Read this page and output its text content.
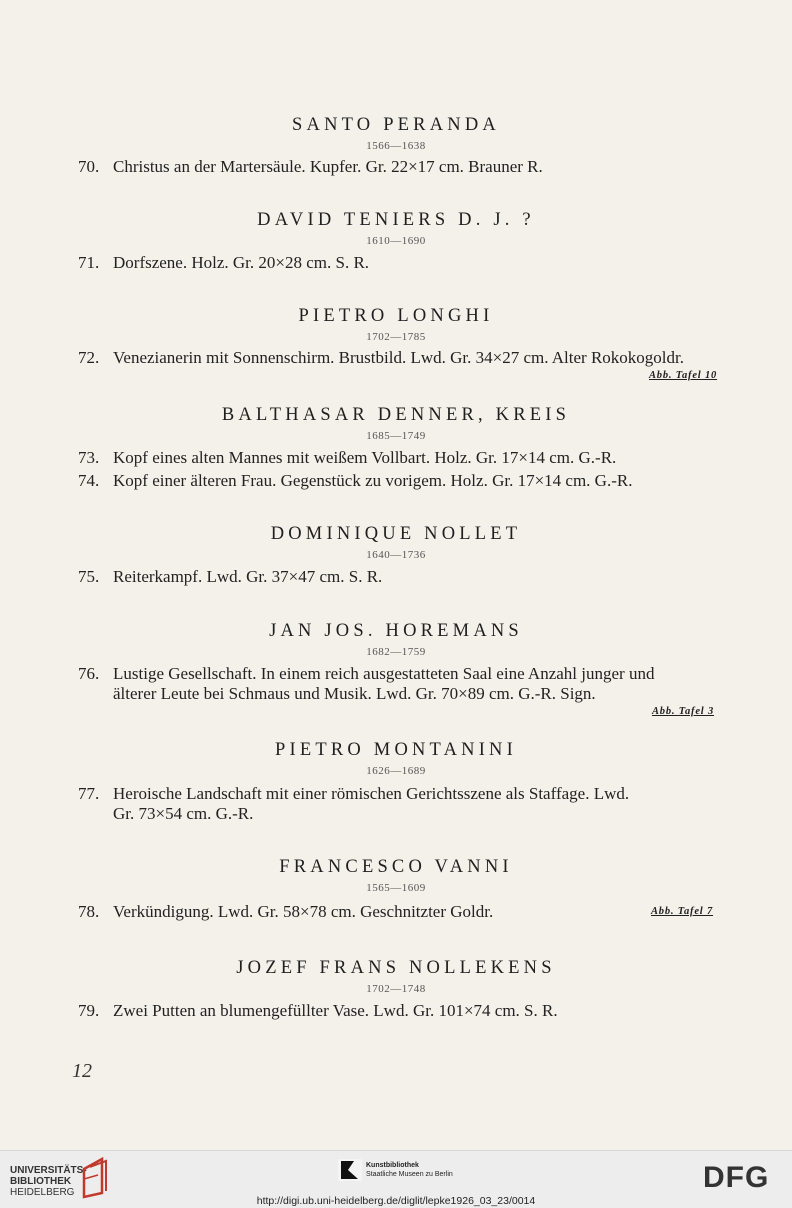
SANTO PERANDA
1566—1638
70. Christus an der Martersäule. Kupfer. Gr. 22×17 cm. Brauner R.
DAVID TENIERS D. J. ?
1610—1690
71. Dorfszene. Holz. Gr. 20×28 cm. S. R.
PIETRO LONGHI
1702—1785
72. Venezianerin mit Sonnenschirm. Brustbild. Lwd. Gr. 34×27 cm. Alter Rokokogoldr.
Abb. Tafel 10
BALTHASAR DENNER, KREIS
1685—1749
73. Kopf eines alten Mannes mit weißem Vollbart. Holz. Gr. 17×14 cm. G.-R.
74. Kopf einer älteren Frau. Gegenstück zu vorigem. Holz. Gr. 17×14 cm. G.-R.
DOMINIQUE NOLLET
1640—1736
75. Reiterkampf. Lwd. Gr. 37×47 cm. S. R.
JAN JOS. HOREMANS
1682—1759
76. Lustige Gesellschaft. In einem reich ausgestatteten Saal eine Anzahl junger und
älterer Leute bei Schmaus und Musik. Lwd. Gr. 70×89 cm. G.-R. Sign.
Abb. Tafel 3
PIETRO MONTANINI
1626—1689
77. Heroische Landschaft mit einer römischen Gerichtsszene als Staffage. Lwd.
Gr. 73×54 cm. G.-R.
FRANCESCO VANNI
1565—1609
78. Verkündigung. Lwd. Gr. 58×78 cm. Geschnitzter Goldr.	Abb. Tafel 7
JOZEF FRANS NOLLEKENS
1702—1748
79. Zwei Putten an blumengefüllter Vase. Lwd. Gr. 101×74 cm. S. R.
12
UNIVERSITÄTS-
BIBLIOTHEK
HEIDELBERG
Kunstbibliothek
Staatliche Museen zu Berlin	DFG
http://digi.ub.uni-heidelberg.de/diglit/lepke1926_03_23/0014
